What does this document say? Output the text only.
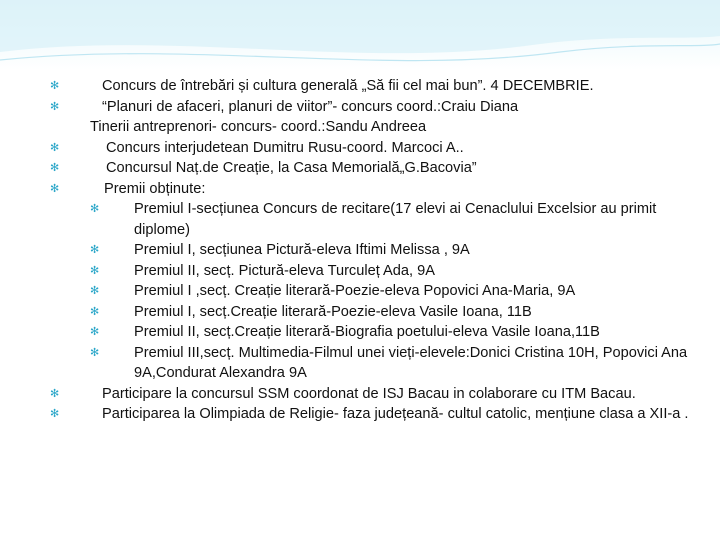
✻	Concurs de întrebări și cultura generală „Să fii cel mai bun”. 4 DECEMBRIE.
✻	“Planuri de afaceri, planuri de viitor”- concurs coord.:Craiu Diana
Tinerii antreprenori- concurs- coord.:Sandu Andreea
✻	Concurs interjudetean Dumitru Rusu-coord. Marcoci A..
✻	Concursul Naț.de Creație, la Casa Memorială„G.Bacovia”
✻	Premii obținute:
✻	Premiul I-secțiunea Concurs de recitare(17 elevi ai Cenaclului Excelsior au primit diplome)
✻	Premiul I, secțiunea Pictură-eleva Iftimi Melissa , 9A
✻	Premiul II, secț. Pictură-eleva Turculeț Ada, 9A
✻	Premiul I ,secț. Creație literară-Poezie-eleva Popovici Ana-Maria, 9A
✻	Premiul I, secț.Creație literară-Poezie-eleva Vasile Ioana, 11B
✻	Premiul II, secț.Creație literară-Biografia poetului-eleva Vasile Ioana,11B
✻	Premiul III,secț. Multimedia-Filmul unei vieți-elevele:Donici Cristina 10H, Popovici Ana 9A,Condurat Alexandra 9A
✻	Participare la concursul SSM coordonat de ISJ Bacau in colaborare cu ITM Bacau.
✻	Participarea la Olimpiada de Religie- faza județeană- cultul catolic, mențiune clasa a XII-a .
